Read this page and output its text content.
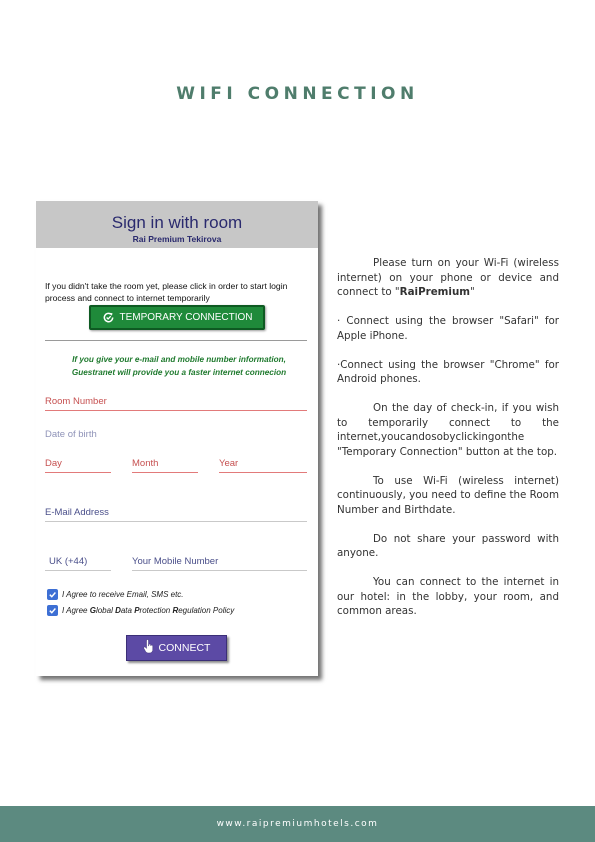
WIFI CONNECTION
Sign in with room
Rai Premium Tekirova
If you didn't take the room yet, please click in order to start login process and connect to internet temporarily
TEMPORARY CONNECTION
If you give your e-mail and mobile number information,
Guestranet will provide you a faster internet connecion
Room Number
Date of birth
Day	Month	Year
E-Mail Address
UK (+44)	Your Mobile Number
I Agree to receive Email, SMS etc.
I Agree Global Data Protection Regulation Policy
CONNECT

Please turn on your Wi-Fi (wireless internet) on your phone or device and connect to "RaiPremium"

· Connect using the browser "Safari" for Apple iPhone.

·Connect using the browser "Chrome" for Android phones.

On the day of check-in, if you wish to temporarily connect to the internet,youcandosobyclickingonthe "Temporary Connection" button at the top.

To use Wi-Fi (wireless internet) continuously, you need to define the Room Number and Birthdate.

Do not share your password with anyone.

You can connect to the internet in our hotel: in the lobby, your room, and common areas.

www.raipremiumhotels.com
